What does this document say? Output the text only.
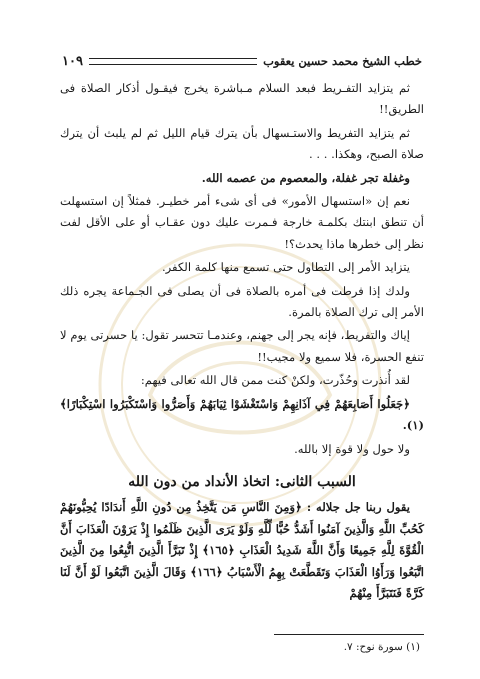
خطب الشيخ محمد حسين يعقوب
١٠٩

ثم يتزايد التفـريط فبعد السلام مـباشرة يخرج فيقـول أذكار الصلاة فى الطريق!!

ثم يتزايد التفريط والاستـسهال بأن يترك قيام الليل ثم لم يلبث أن يترك صلاة الصبح، وهكذا. . . .

وغفلة تجر غفلة، والمعصوم من عصمه الله.

نعم إن «استسهال الأمور» فى أى شىء أمر خطيـر. فمثلاً إن استسهلت أن تنطق ابنتك بكلمـة خارجة فـمرت عليك دون عقـاب أو على الأقل لفت نظر إلى خطرها ماذا يحدث؟!

يتزايد الأمر إلى التطاول حتى تسمع منها كلمة الكفر.

ولدك إذا فرطت فى أمره بالصلاة فى أن يصلى فى الجـماعة يجره ذلك الأمر إلى ترك الصلاة بالمرة.

إياك والتفريط، فإنه يجر إلى جهنم، وعندمـا تتحسر تقول: يا حسرتى يوم لا تنفع الحسرة، فلا سميع ولا مجيب!!

لقد أُنذرت وحُذّرت، ولكنْ كنت ممن قال الله تعالى فيهم:

﴿جَعَلُوا أَصَابِعَهُمْ فِي آذَانِهِمْ وَاسْتَغْشَوْا ثِيَابَهُمْ وَأَصَرُّوا وَاسْتَكْبَرُوا اسْتِكْبَارًا﴾ (١).

ولا حول ولا قوة إلا بالله.

السبب الثانى: اتخاذ الأنداد من دون الله

يقول ربنا جل جلاله : ﴿وَمِنَ النَّاسِ مَن يَتَّخِذُ مِن دُونِ اللَّهِ أَندَادًا يُحِبُّونَهُمْ كَحُبِّ اللَّهِ وَالَّذِينَ آمَنُوا أَشَدُّ حُبًّا لِّلَّهِ وَلَوْ يَرَى الَّذِينَ ظَلَمُوا إِذْ يَرَوْنَ الْعَذَابَ أَنَّ الْقُوَّةَ لِلَّهِ جَمِيعًا وَأَنَّ اللَّهَ شَدِيدُ الْعَذَابِ ﴿١٦٥﴾ إِذْ تَبَرَّأَ الَّذِينَ اتُّبِعُوا مِنَ الَّذِينَ اتَّبَعُوا وَرَأَوُا الْعَذَابَ وَتَقَطَّعَتْ بِهِمُ الْأَسْبَابُ ﴿١٦٦﴾ وَقَالَ الَّذِينَ اتَّبَعُوا لَوْ أَنَّ لَنَا كَرَّةً فَنَتَبَرَّأَ مِنْهُمْ

(١) سورة نوح: ٧.
